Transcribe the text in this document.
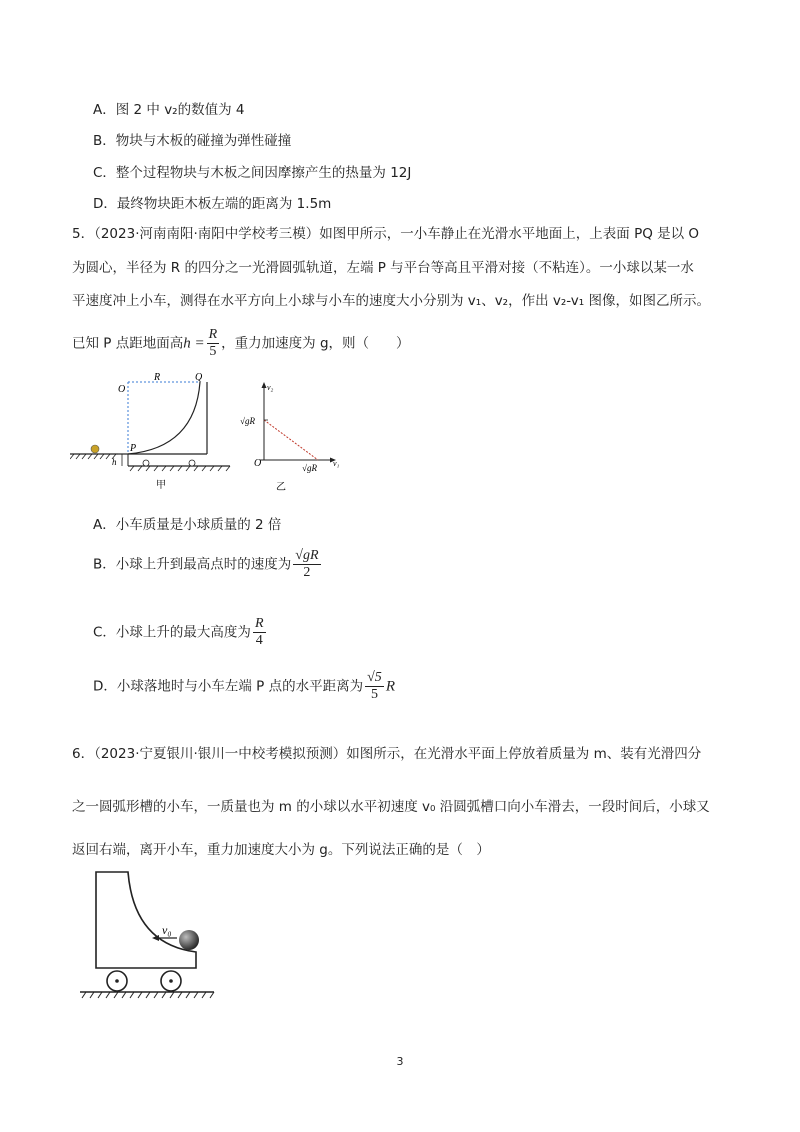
A．图 2 中 v₂的数值为 4
B．物块与木板的碰撞为弹性碰撞
C．整个过程物块与木板之间因摩擦产生的热量为 12J
D．最终物块距木板左端的距离为 1.5m
5．（2023·河南南阳·南阳中学校考三模）如图甲所示，一小车静止在光滑水平地面上，上表面 PQ 是以 O
为圆心，半径为 R 的四分之一光滑圆弧轨道，左端 P 与平台等高且平滑对接（不粘连）。一小球以某一水
平速度冲上小车，测得在水平方向上小球与小车的速度大小分别为 v₁、v₂，作出 v₂-v₁ 图像，如图乙所示。
已知 P 点距地面高$h = \frac{R}{5}$ ，重力加速度为 g，则（　　）
h
O
R	Q
P
甲
v₂
v₁
O
√gR
√gR
乙
A．小车质量是小球质量的 2 倍
B．小球上升到最高点时的速度为 $\frac{√gR}{2}$
C．小球上升的最大高度为 $\frac{R}{4}$
D．小球落地时与小车左端 P 点的水平距离为 $\frac{√5}{5}$ R
6．（2023·宁夏银川·银川一中校考模拟预测）如图所示，在光滑水平面上停放着质量为 m、装有光滑四分
之一圆弧形槽的小车，一质量也为 m 的小球以水平初速度 v₀ 沿圆弧槽口向小车滑去，一段时间后，小球又
返回右端，离开小车，重力加速度大小为 g。下列说法正确的是（　）
v₀
3
